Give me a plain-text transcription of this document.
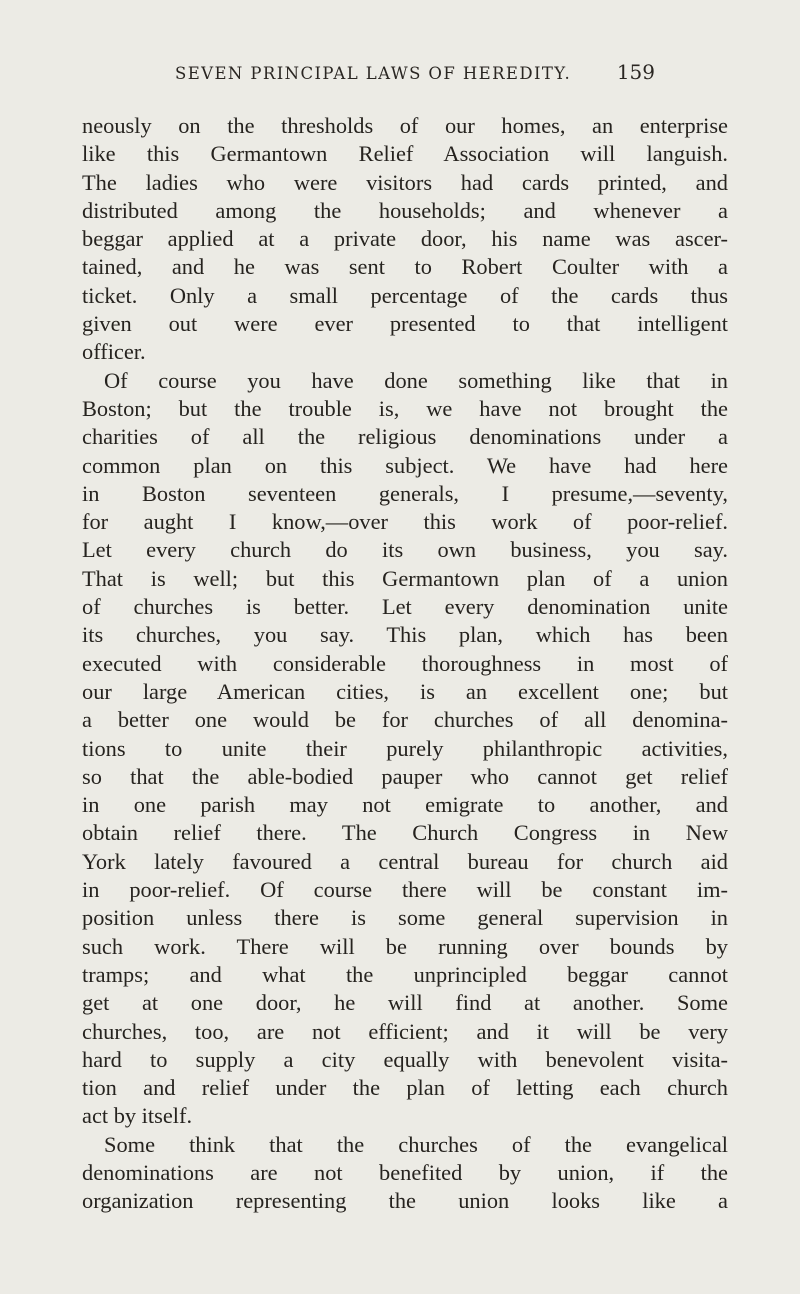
SEVEN PRINCIPAL LAWS OF HEREDITY. 159
neously on the thresholds of our homes, an enterprise
like this Germantown Relief Association will languish.
The ladies who were visitors had cards printed, and
distributed among the households; and whenever a
beggar applied at a private door, his name was ascer-
tained, and he was sent to Robert Coulter with a
ticket. Only a small percentage of the cards thus
given out were ever presented to that intelligent
officer.
Of course you have done something like that in
Boston; but the trouble is, we have not brought the
charities of all the religious denominations under a
common plan on this subject. We have had here
in Boston seventeen generals, I presume,—seventy,
for aught I know,—over this work of poor-relief.
Let every church do its own business, you say.
That is well; but this Germantown plan of a union
of churches is better. Let every denomination unite
its churches, you say. This plan, which has been
executed with considerable thoroughness in most of
our large American cities, is an excellent one; but
a better one would be for churches of all denomina-
tions to unite their purely philanthropic activities,
so that the able-bodied pauper who cannot get relief
in one parish may not emigrate to another, and
obtain relief there. The Church Congress in New
York lately favoured a central bureau for church aid
in poor-relief. Of course there will be constant im-
position unless there is some general supervision in
such work. There will be running over bounds by
tramps; and what the unprincipled beggar cannot
get at one door, he will find at another. Some
churches, too, are not efficient; and it will be very
hard to supply a city equally with benevolent visita-
tion and relief under the plan of letting each church
act by itself.
Some think that the churches of the evangelical
denominations are not benefited by union, if the
organization representing the union looks like a
